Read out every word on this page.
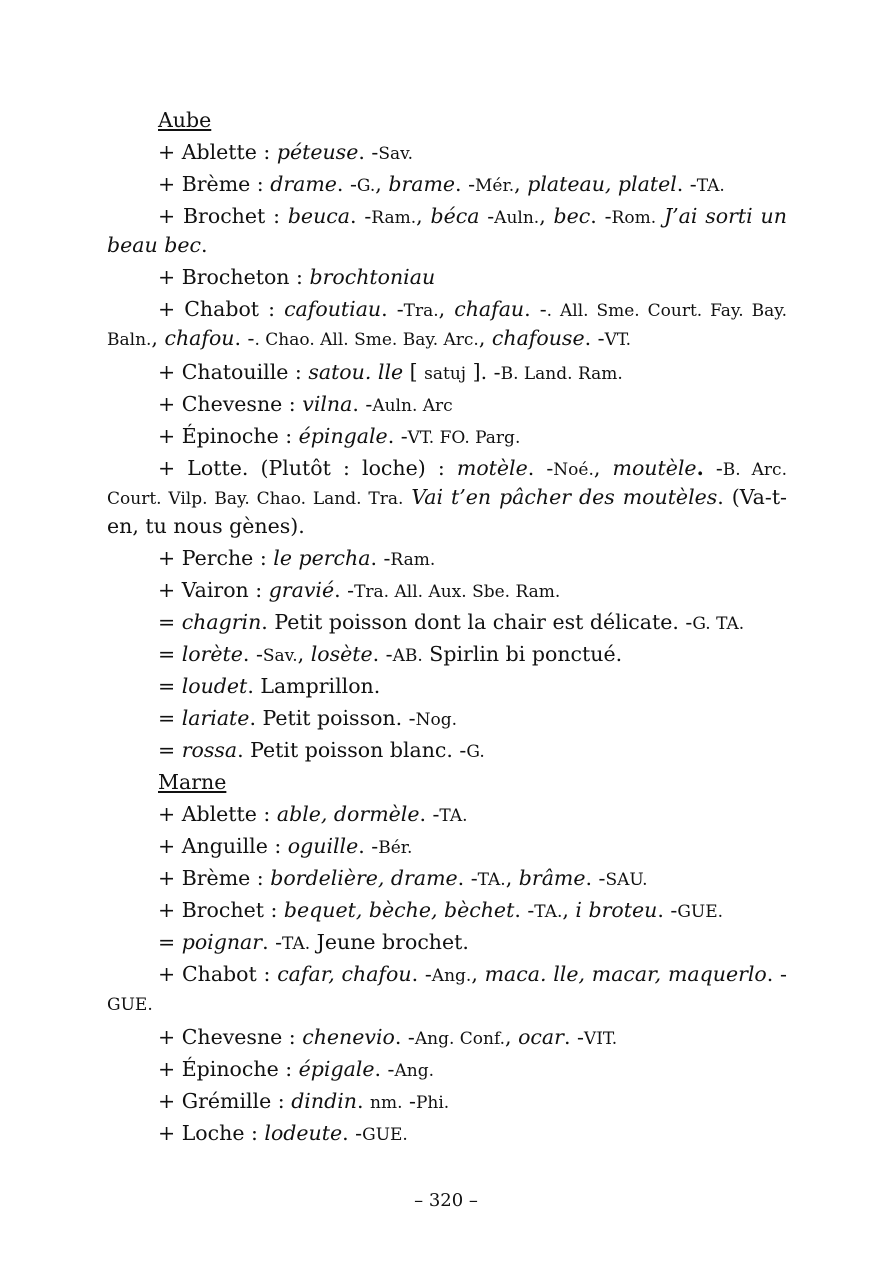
Aube
+ Ablette : péteuse. -Sav.
+ Brème : drame. -G., brame. -Mér., plateau, platel. -TA.
+ Brochet : beuca. -Ram., béca -Auln., bec. -Rom. J’ai sorti un beau bec.
+ Brocheton : brochtoniau
+ Chabot : cafoutiau. -Tra., chafau. -. All. Sme. Court. Fay. Bay. Baln., chafou. -. Chao. All. Sme. Bay. Arc., chafouse. -VT.
+ Chatouille : satou. lle [ satuj ]. -B. Land. Ram.
+ Chevesne : vilna. -Auln. Arc
+ Épinoche : épingale. -VT. FO. Parg.
+ Lotte. (Plutôt : loche) : motèle. -Noé., moutèle. -B. Arc. Court. Vilp. Bay. Chao. Land. Tra. Vai t’en pâcher des moutèles. (Va-t-en, tu nous gènes).
+ Perche : le percha. -Ram.
+ Vairon : gravié. -Tra. All. Aux. Sbe. Ram.
= chagrin. Petit poisson dont la chair est délicate. -G. TA.
= lorète. -Sav., losète. -AB. Spirlin bi ponctué.
= loudet. Lamprillon.
= lariate. Petit poisson. -Nog.
= rossa. Petit poisson blanc. -G.
Marne
+ Ablette : able, dormèle. -TA.
+ Anguille : oguille. -Bér.
+ Brème : bordelière, drame. -TA., brâme. -SAU.
+ Brochet : bequet, bèche, bèchet. -TA., i broteu. -GUE.
= poignar. -TA. Jeune brochet.
+ Chabot : cafar, chafou. -Ang., maca. lle, macar, maquerlo. -GUE.
+ Chevesne : chenevio. -Ang. Conf., ocar. -VIT.
+ Épinoche : épigale. -Ang.
+ Grémille : dindin. nm. -Phi.
+ Loche : lodeute. -GUE.
– 320 –
